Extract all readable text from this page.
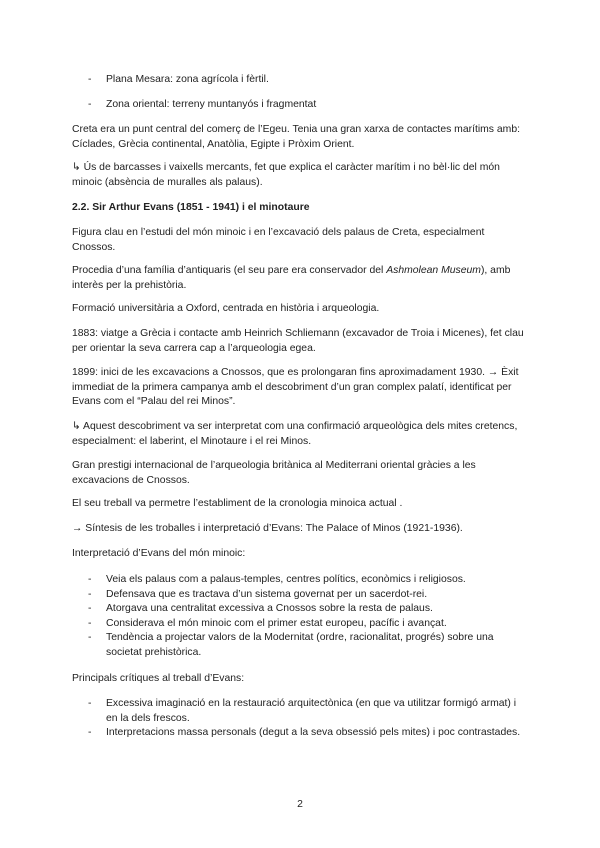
- Plana Mesara: zona agrícola i fèrtil.
- Zona oriental: terreny muntanyós i fragmentat

Creta era un punt central del comerç de l’Egeu. Tenia una gran xarxa de contactes marítims amb: Cíclades, Grècia continental, Anatòlia, Egipte i Pròxim Orient.

↳ Ús de barcasses i vaixells mercants, fet que explica el caràcter marítim i no bèl·lic del món minoic (absència de muralles als palaus).

2.2. Sir Arthur Evans (1851 - 1941) i el minotaure

Figura clau en l’estudi del món minoic i en l’excavació dels palaus de Creta, especialment Cnossos.

Procedia d’una família d’antiquaris (el seu pare era conservador del Ashmolean Museum), amb interès per la prehistòria.

Formació universitària a Oxford, centrada en història i arqueologia.

1883: viatge a Grècia i contacte amb Heinrich Schliemann (excavador de Troia i Micenes), fet clau per orientar la seva carrera cap a l’arqueologia egea.

1899: inici de les excavacions a Cnossos, que es prolongaran fins aproximadament 1930. → Èxit immediat de la primera campanya amb el descobriment d’un gran complex palatí, identificat per Evans com el “Palau del rei Minos”.

↳ Aquest descobriment va ser interpretat com una confirmació arqueològica dels mites cretencs, especialment: el laberint, el Minotaure i el rei Minos.

Gran prestigi internacional de l’arqueologia britànica al Mediterrani oriental gràcies a les excavacions de Cnossos.

El seu treball va permetre l’establiment de la cronologia minoica actual .

→ Síntesis de les troballes i interpretació d’Evans: The Palace of Minos (1921-1936).

Interpretació d’Evans del món minoic:

- Veia els palaus com a palaus-temples, centres polítics, econòmics i religiosos.
- Defensava que es tractava d’un sistema governat per un sacerdot-rei.
- Atorgava una centralitat excessiva a Cnossos sobre la resta de palaus.
- Considerava el món minoic com el primer estat europeu, pacífic i avançat.
- Tendència a projectar valors de la Modernitat (ordre, racionalitat, progrés) sobre una societat prehistòrica.

Principals crítiques al treball d’Evans:

- Excessiva imaginació en la restauració arquitectònica (en que va utilitzar formigó armat) i en la dels frescos.
- Interpretacions massa personals (degut a la seva obsessió pels mites) i poc contrastades.
2
